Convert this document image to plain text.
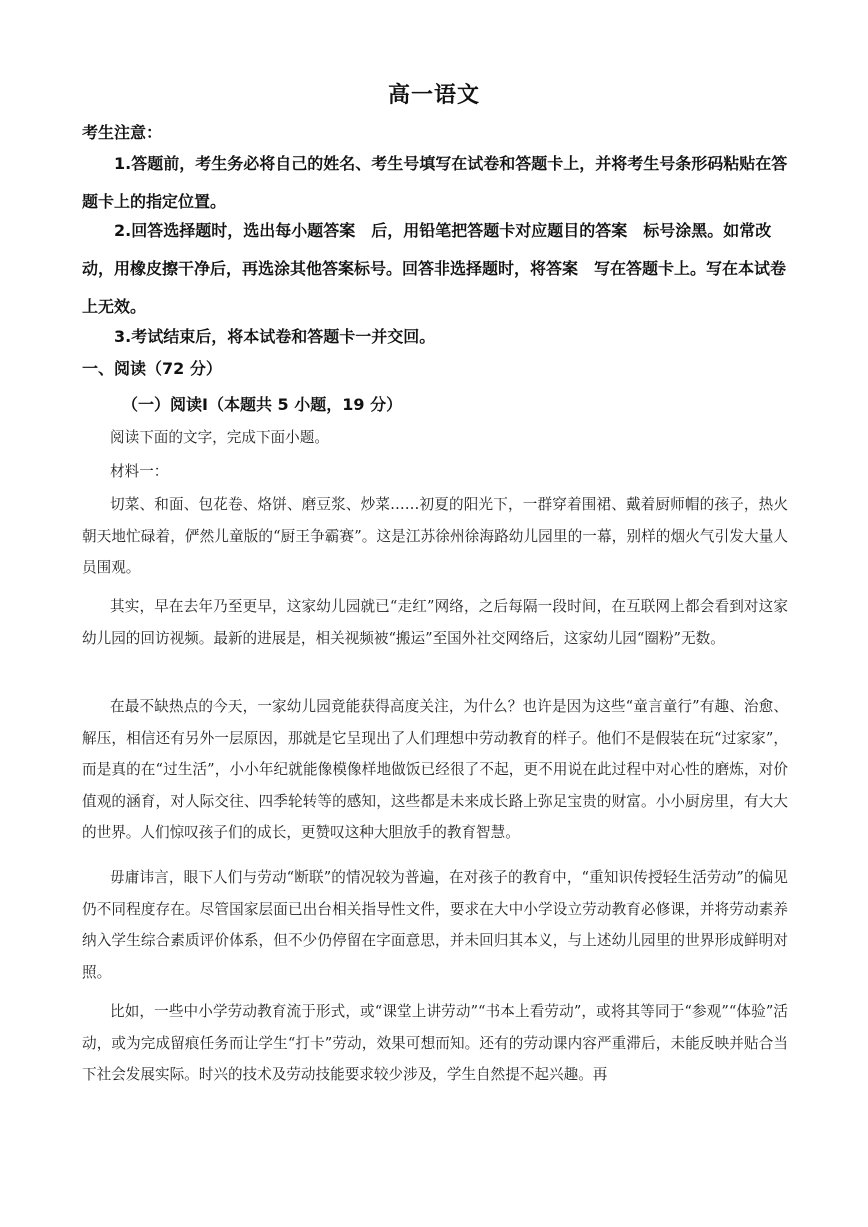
高一语文
考生注意：
1.答题前，考生务必将自己的姓名、考生号填写在试卷和答题卡上，并将考生号条形码粘贴在答题卡上的指定位置。
2.回答选择题时，选出每小题答案　后，用铅笔把答题卡对应题目的答案　标号涂黑。如常改动，用橡皮擦干净后，再选涂其他答案标号。回答非选择题时，将答案　写在答题卡上。写在本试卷上无效。
3.考试结束后，将本试卷和答题卡一并交回。
一、阅读（72 分）
（一）阅读Ⅰ（本题共 5 小题，19 分）
阅读下面的文字，完成下面小题。
材料一：
切菜、和面、包花卷、烙饼、磨豆浆、炒菜……初夏的阳光下，一群穿着围裙、戴着厨师帽的孩子，热火朝天地忙碌着，俨然儿童版的“厨王争霸赛”。这是江苏徐州徐海路幼儿园里的一幕，别样的烟火气引发大量人员围观。
其实，早在去年乃至更早，这家幼儿园就已“走红”网络，之后每隔一段时间，在互联网上都会看到对这家幼儿园的回访视频。最新的进展是，相关视频被“搬运”至国外社交网络后，这家幼儿园“圈粉”无数。
在最不缺热点的今天，一家幼儿园竟能获得高度关注，为什么？也许是因为这些“童言童行”有趣、治愈、解压，相信还有另外一层原因，那就是它呈现出了人们理想中劳动教育的样子。他们不是假装在玩“过家家”，而是真的在“过生活”，小小年纪就能像模像样地做饭已经很了不起，更不用说在此过程中对心性的磨炼，对价值观的涵育，对人际交往、四季轮转等的感知，这些都是未来成长路上弥足宝贵的财富。小小厨房里，有大大的世界。人们惊叹孩子们的成长，更赞叹这种大胆放手的教育智慧。
毋庸讳言，眼下人们与劳动“断联”的情况较为普遍，在对孩子的教育中，“重知识传授轻生活劳动”的偏见仍不同程度存在。尽管国家层面已出台相关指导性文件，要求在大中小学设立劳动教育必修课，并将劳动素养纳入学生综合素质评价体系，但不少仍停留在字面意思，并未回归其本义，与上述幼儿园里的世界形成鲜明对照。
比如，一些中小学劳动教育流于形式，或“课堂上讲劳动”“书本上看劳动”，或将其等同于“参观”“体验”活动，或为完成留痕任务而让学生“打卡”劳动，效果可想而知。还有的劳动课内容严重滞后，未能反映并贴合当下社会发展实际。时兴的技术及劳动技能要求较少涉及，学生自然提不起兴趣。再
